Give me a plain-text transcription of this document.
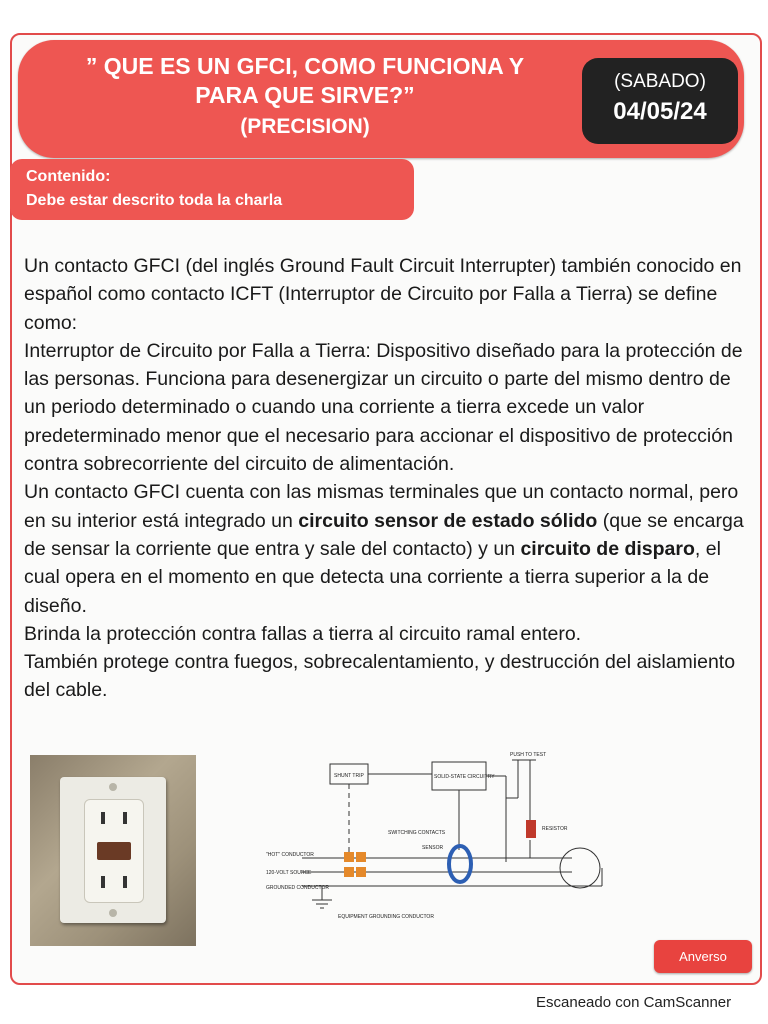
” QUE ES UN GFCI, COMO FUNCIONA Y
PARA QUE SIRVE?”
(PRECISION)
(SABADO)
04/05/24
Contenido:
Debe estar descrito toda la charla

Un contacto GFCI (del inglés Ground Fault Circuit Interrupter) también conocido en español como contacto ICFT (Interruptor de Circuito por Falla a Tierra) se define como:

Interruptor de Circuito por Falla a Tierra: Dispositivo diseñado para la protección de las personas. Funciona para desenergizar un circuito o parte del mismo dentro de un periodo determinado o cuando una corriente a tierra excede un valor predeterminado menor que el necesario para accionar el dispositivo de protección contra sobrecorriente del circuito de alimentación.

Un contacto GFCI cuenta con las mismas terminales que un contacto normal, pero en su interior está integrado un circuito sensor de estado sólido (que se encarga de sensar la corriente que entra y sale del contacto) y un circuito de disparo, el cual opera en el momento en que detecta una corriente a tierra superior a la de diseño.

Brinda la protección contra fallas a tierra al circuito ramal entero.

También protege contra fuegos, sobrecalentamiento, y destrucción del aislamiento del cable.

PUSH TO TEST
SHUNT TRIP	SOLID-STATE CIRCUITRY
RESISTOR
SWITCHING CONTACTS
SENSOR
"HOT" CONDUCTOR
120-VOLT SOURCE
GROUNDED CONDUCTOR
EQUIPMENT GROUNDING CONDUCTOR
Anverso
Escaneado con CamScanner
